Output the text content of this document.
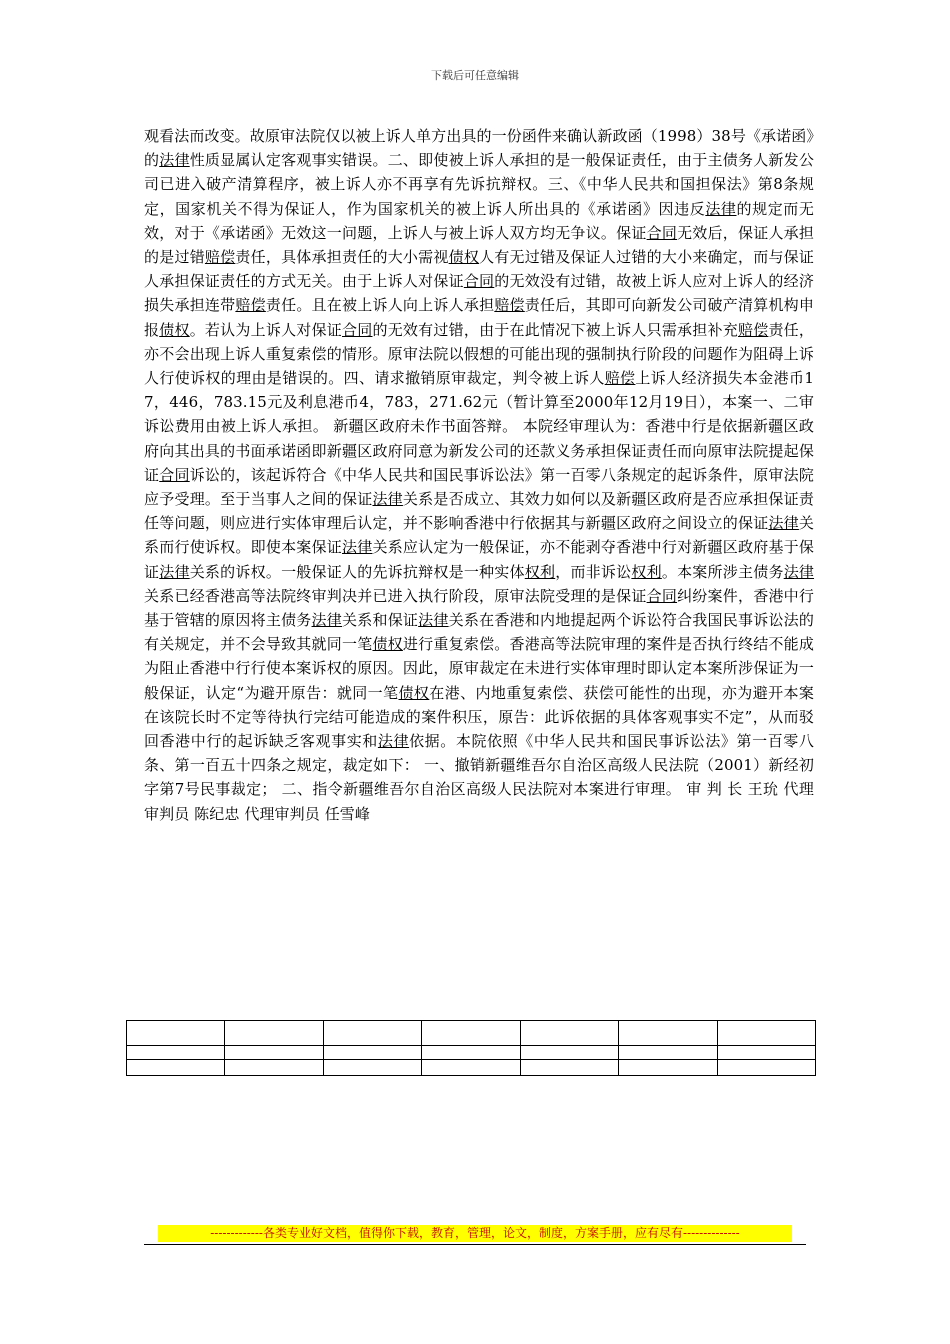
下载后可任意编辑
观看法而改变。故原审法院仅以被上诉人单方出具的一份函件来确认新政函（1998）38号《承诺函》的法律性质显属认定客观事实错误。二、即使被上诉人承担的是一般保证责任，由于主债务人新发公司已进入破产清算程序，被上诉人亦不再享有先诉抗辩权。三、《中华人民共和国担保法》第8条规定，国家机关不得为保证人，作为国家机关的被上诉人所出具的《承诺函》因违反法律的规定而无效，对于《承诺函》无效这一问题，上诉人与被上诉人双方均无争议。保证合同无效后，保证人承担的是过错赔偿责任，具体承担责任的大小需视债权人有无过错及保证人过错的大小来确定，而与保证人承担保证责任的方式无关。由于上诉人对保证合同的无效没有过错，故被上诉人应对上诉人的经济损失承担连带赔偿责任。且在被上诉人向上诉人承担赔偿责任后，其即可向新发公司破产清算机构申报债权。若认为上诉人对保证合同的无效有过错，由于在此情况下被上诉人只需承担补充赔偿责任，亦不会出现上诉人重复索偿的情形。原审法院以假想的可能出现的强制执行阶段的问题作为阻碍上诉人行使诉权的理由是错误的。四、请求撤销原审裁定，判令被上诉人赔偿上诉人经济损失本金港币17，446，783.15元及利息港币4，783，271.62元（暂计算至2000年12月19日），本案一、二审诉讼费用由被上诉人承担。 新疆区政府未作书面答辩。 本院经审理认为：香港中行是依据新疆区政府向其出具的书面承诺函即新疆区政府同意为新发公司的还款义务承担保证责任而向原审法院提起保证合同诉讼的，该起诉符合《中华人民共和国民事诉讼法》第一百零八条规定的起诉条件，原审法院应予受理。至于当事人之间的保证法律关系是否成立、其效力如何以及新疆区政府是否应承担保证责任等问题，则应进行实体审理后认定，并不影响香港中行依据其与新疆区政府之间设立的保证法律关系而行使诉权。即使本案保证法律关系应认定为一般保证，亦不能剥夺香港中行对新疆区政府基于保证法律关系的诉权。一般保证人的先诉抗辩权是一种实体权利，而非诉讼权利。本案所涉主债务法律关系已经香港高等法院终审判决并已进入执行阶段，原审法院受理的是保证合同纠纷案件，香港中行基于管辖的原因将主债务法律关系和保证法律关系在香港和内地提起两个诉讼符合我国民事诉讼法的有关规定，并不会导致其就同一笔债权进行重复索偿。香港高等法院审理的案件是否执行终结不能成为阻止香港中行行使本案诉权的原因。因此，原审裁定在未进行实体审理时即认定本案所涉保证为一般保证，认定“为避开原告：就同一笔债权在港、内地重复索偿、获偿可能性的出现，亦为避开本案在该院长时不定等待执行完结可能造成的案件积压，原告：此诉依据的具体客观事实不定”，从而驳回香港中行的起诉缺乏客观事实和法律依据。本院依照《中华人民共和国民事诉讼法》第一百零八条、第一百五十四条之规定，裁定如下： 一、撤销新疆维吾尔自治区高级人民法院（2001）新经初字第7号民事裁定； 二、指令新疆维吾尔自治区高级人民法院对本案进行审理。 审 判 长 王玧 代理审判员 陈纪忠 代理审判员 任雪峰

-------------各类专业好文档，值得你下载，教育，管理，论文，制度，方案手册，应有尽有--------------
